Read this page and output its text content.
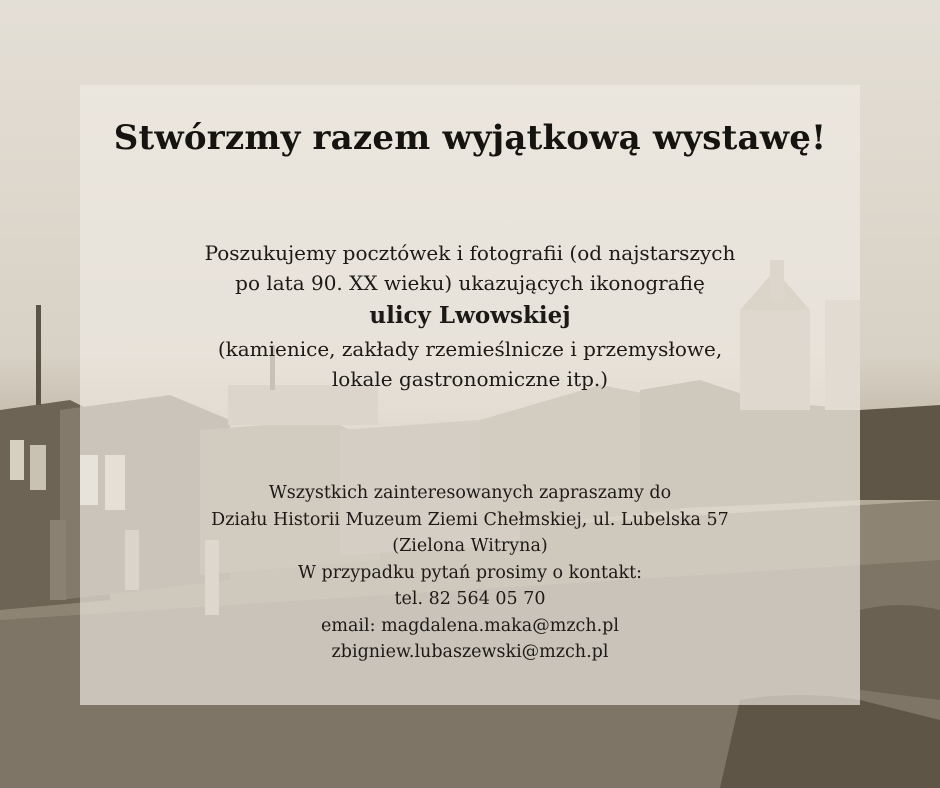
Stwórzmy razem wyjątkową wystawę!
Poszukujemy pocztówek i fotografii (od najstarszych
po lata 90. XX wieku) ukazujących ikonografię
ulicy Lwowskiej
(kamienice, zakłady rzemieślnicze i przemysłowe,
lokale gastronomiczne itp.)
Wszystkich zainteresowanych zapraszamy do
Działu Historii Muzeum Ziemi Chełmskiej, ul. Lubelska 57
(Zielona Witryna)
W przypadku pytań prosimy o kontakt:
tel. 82 564 05 70
email: magdalena.maka@mzch.pl
zbigniew.lubaszewski@mzch.pl
